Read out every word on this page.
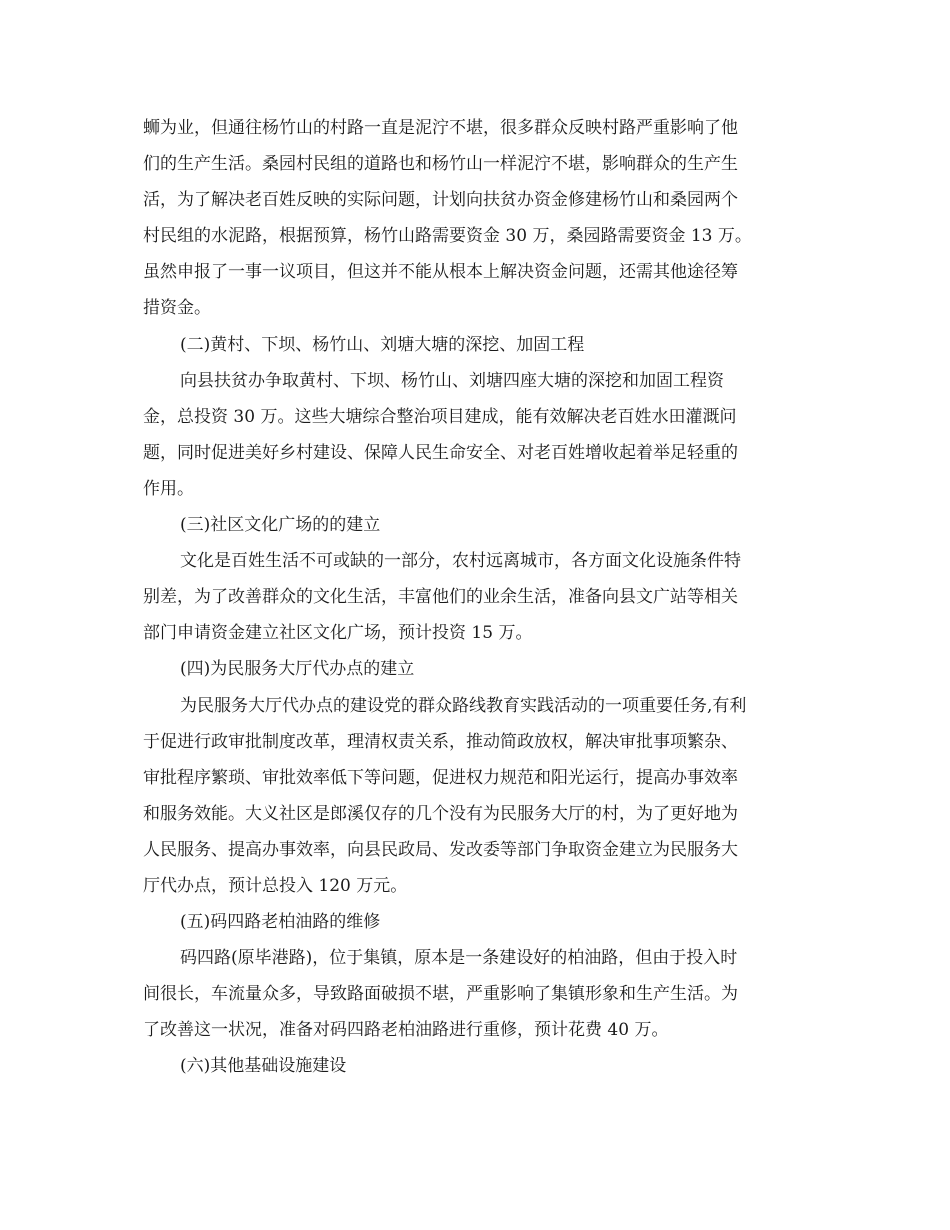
蛳为业，但通往杨竹山的村路一直是泥泞不堪，很多群众反映村路严重影响了他
们的生产生活。桑园村民组的道路也和杨竹山一样泥泞不堪，影响群众的生产生
活，为了解决老百姓反映的实际问题，计划向扶贫办资金修建杨竹山和桑园两个
村民组的水泥路，根据预算，杨竹山路需要资金 30 万，桑园路需要资金 13 万。
虽然申报了一事一议项目，但这并不能从根本上解决资金问题，还需其他途径筹
措资金。
(二)黄村、下坝、杨竹山、刘塘大塘的深挖、加固工程
向县扶贫办争取黄村、下坝、杨竹山、刘塘四座大塘的深挖和加固工程资
金，总投资 30 万。这些大塘综合整治项目建成，能有效解决老百姓水田灌溉问
题，同时促进美好乡村建设、保障人民生命安全、对老百姓增收起着举足轻重的
作用。
(三)社区文化广场的的建立
文化是百姓生活不可或缺的一部分，农村远离城市，各方面文化设施条件特
别差，为了改善群众的文化生活，丰富他们的业余生活，准备向县文广站等相关
部门申请资金建立社区文化广场，预计投资 15 万。
(四)为民服务大厅代办点的建立
为民服务大厅代办点的建设党的群众路线教育实践活动的一项重要任务,有利
于促进行政审批制度改革，理清权责关系，推动简政放权，解决审批事项繁杂、
审批程序繁琐、审批效率低下等问题，促进权力规范和阳光运行，提高办事效率
和服务效能。大义社区是郎溪仅存的几个没有为民服务大厅的村，为了更好地为
人民服务、提高办事效率，向县民政局、发改委等部门争取资金建立为民服务大
厅代办点，预计总投入 120 万元。
(五)码四路老柏油路的维修
码四路(原毕港路)，位于集镇，原本是一条建设好的柏油路，但由于投入时
间很长，车流量众多，导致路面破损不堪，严重影响了集镇形象和生产生活。为
了改善这一状况，准备对码四路老柏油路进行重修，预计花费 40 万。
(六)其他基础设施建设
